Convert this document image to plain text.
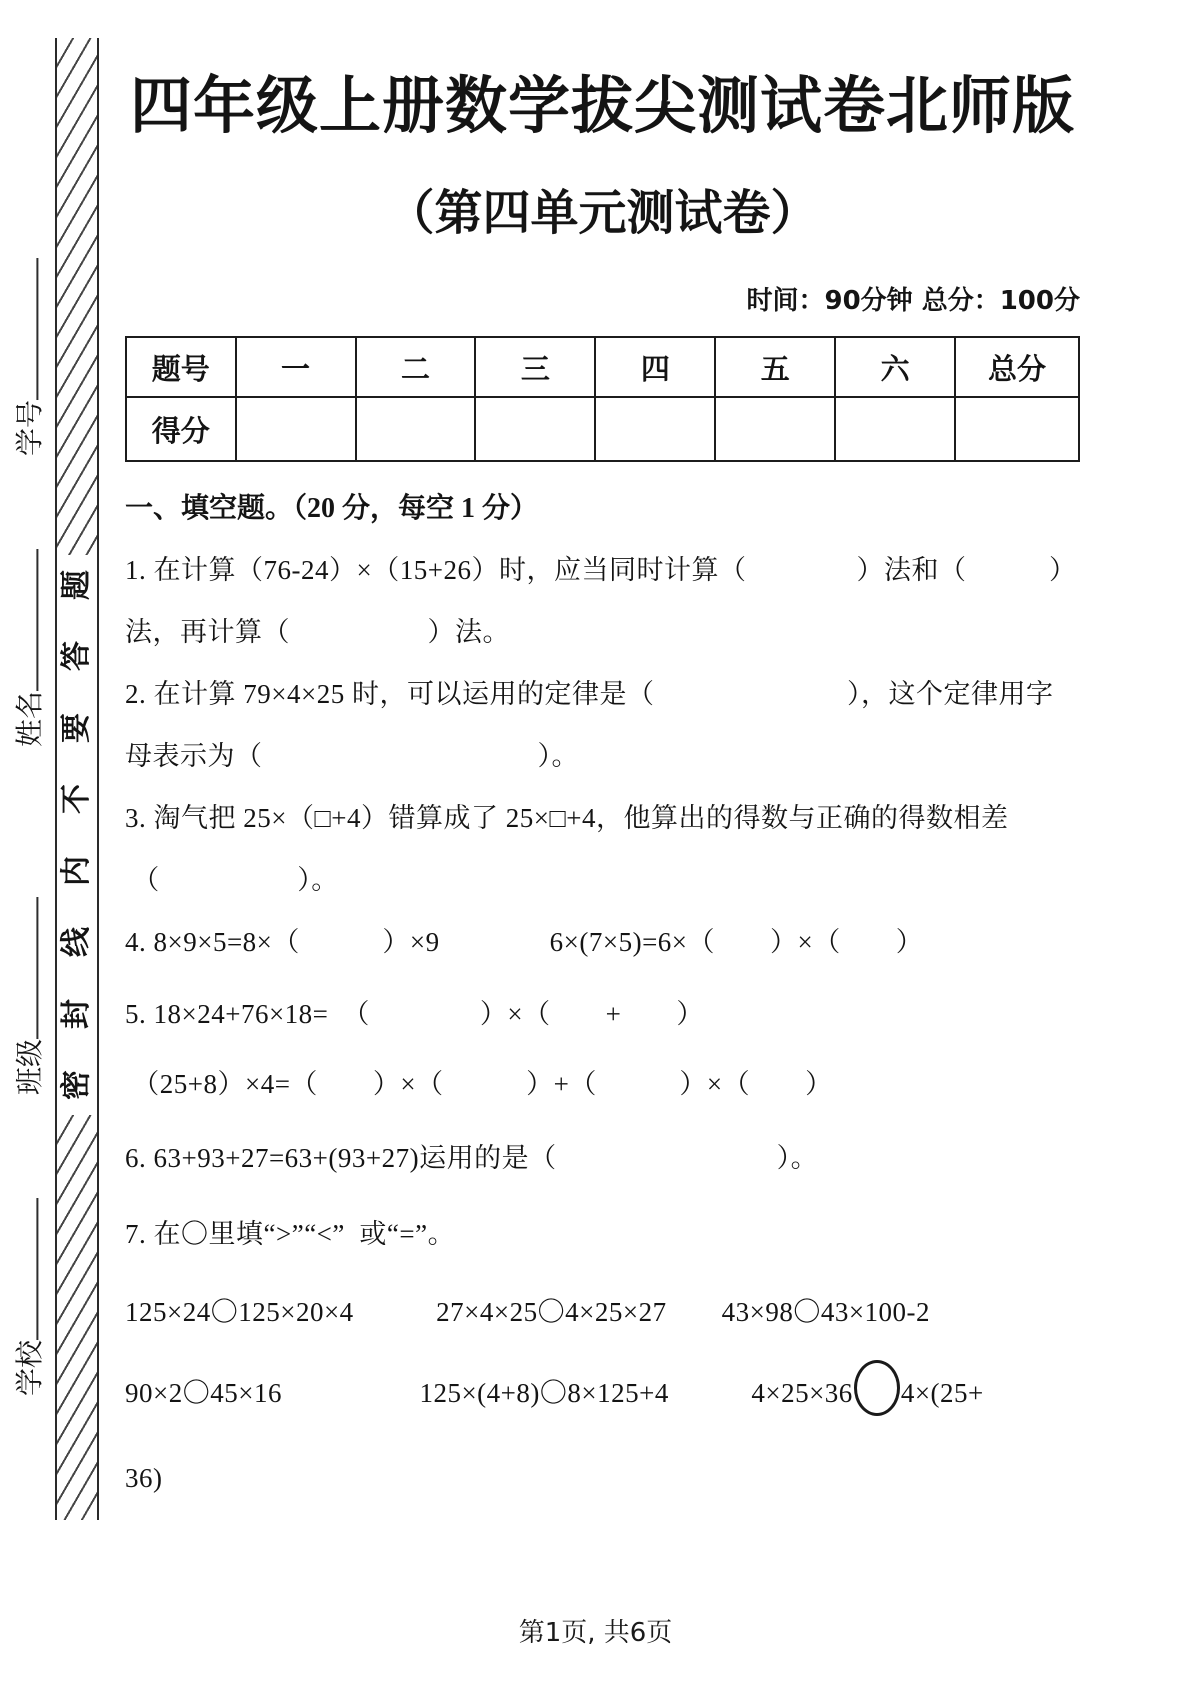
学号
姓名
班级
学校
题
答
要
不
内
线
封
密
四年级上册数学拔尖测试卷北师版
（第四单元测试卷）
时间：90分钟 总分：100分
题号	一	二	三	四	五	六	总分
得分							
一、填空题。（20 分，每空 1 分）
1. 在计算（76-24）×（15+26）时，应当同时计算（　　　　）法和（　　　）
法，再计算（　　　　　）法。
2. 在计算 79×4×25 时，可以运用的定律是（　　　　　　　），这个定律用字
母表示为（　　　　　　　　　　）。
3. 淘气把 25×（□+4）错算成了 25×□+4，他算出的得数与正确的得数相差
（　　　　　）。
4. 8×9×5=8×（　　　）×9　　　　6×(7×5)=6×（　　）×（　　）
5. 18×24+76×18=　（　　　　）×（　　+　　）
（25+8）×4=（　　）×（　　　）+（　　　）×（　　）
6. 63+93+27=63+(93+27)运用的是（　　　　　　　　）。
7. 在〇里填“>”“<”  或“=”。
125×24〇125×20×4　　　27×4×25〇4×25×27　　43×98〇43×100-2
90×2〇45×16　　　　　125×(4+8)〇8×125+4　　　4×25×36 4×(25+
36)
第1页, 共6页
